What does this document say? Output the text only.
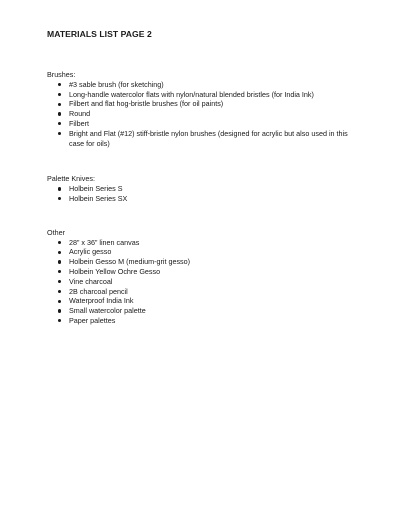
MATERIALS LIST PAGE 2
Brushes:
#3 sable brush (for sketching)
Long-handle watercolor flats with nylon/natural blended bristles (for India Ink)
Filbert and flat hog-bristle brushes (for oil paints)
Round
Filbert
Bright and Flat (#12) stiff-bristle nylon brushes (designed for acrylic but also used in this case for oils)
Palette Knives:
Holbein Series S
Holbein Series SX
Other
28” x 36” linen canvas
Acrylic gesso
Holbein Gesso M (medium-grit gesso)
Holbein Yellow Ochre Gesso
Vine charcoal
2B charcoal pencil
Waterproof India Ink
Small watercolor palette
Paper palettes
